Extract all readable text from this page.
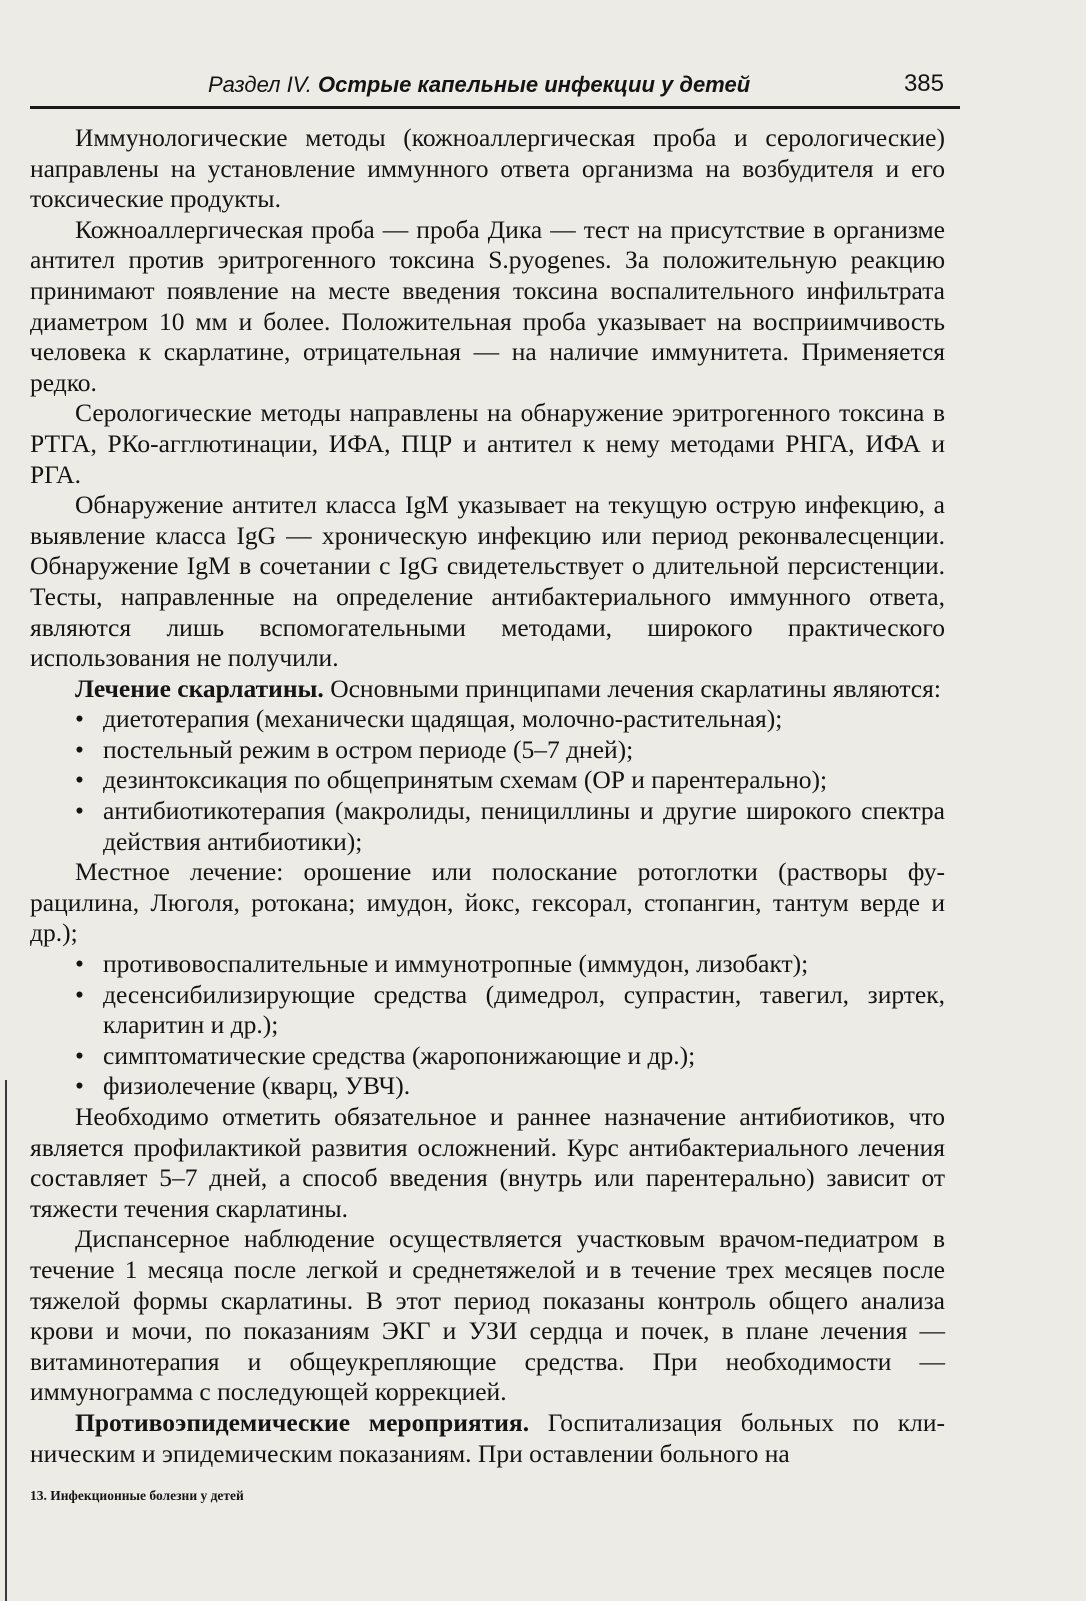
Раздел IV. Острые капельные инфекции у детей	385

Иммунологические методы (кожноаллергическая проба и серологические) направлены на установление иммунного ответа организма на возбудителя и его токсические продукты.

Кожноаллергическая проба — проба Дика — тест на присутствие в организме антител против эритрогенного токсина S.pyogenes. За положительную реакцию принимают появление на месте введения токсина воспалительного инфильтрата диаметром 10 мм и более. Положительная проба указывает на восприимчивость человека к скарлатине, отрицательная — на наличие иммунитета. Применяется редко.

Серологические методы направлены на обнаружение эритрогенного токсина в РТГА, РКо-агглютинации, ИФА, ПЦР и антител к нему методами РНГА, ИФА и РГА.

Обнаружение антител класса IgM указывает на текущую острую инфекцию, а выявление класса IgG — хроническую инфекцию или период реконвалесценции. Обнаружение IgM в сочетании с IgG свидетельствует о длительной персистенции. Тесты, направленные на определение антибактериального иммунного ответа, являются лишь вспомогательными методами, широкого практического использования не получили.

Лечение скарлатины. Основными принципами лечения скарлатины являются:

• диетотерапия (механически щадящая, молочно-растительная);
• постельный режим в остром периоде (5–7 дней);
• дезинтоксикация по общепринятым схемам (ОР и парентерально);
• антибиотикотерапия (макролиды, пенициллины и другие широкого спектра действия антибиотики);

Местное лечение: орошение или полоскание ротоглотки (растворы фурацилина, Люголя, ротокана; имудон, йокс, гексорал, стопангин, тантум верде и др.);

• противовоспалительные и иммунотропные (иммудон, лизобакт);
• десенсибилизирующие средства (димедрол, супрастин, тавегил, зиртек, кларитин и др.);
• симптоматические средства (жаропонижающие и др.);
• физиолечение (кварц, УВЧ).

Необходимо отметить обязательное и раннее назначение антибиотиков, что является профилактикой развития осложнений. Курс антибактериального лечения составляет 5–7 дней, а способ введения (внутрь или парентерально) зависит от тяжести течения скарлатины.

Диспансерное наблюдение осуществляется участковым врачом-педиатром в течение 1 месяца после легкой и среднетяжелой и в течение трех месяцев после тяжелой формы скарлатины. В этот период показаны контроль общего анализа крови и мочи, по показаниям ЭКГ и УЗИ сердца и почек, в плане лечения — витаминотерапия и общеукрепляющие средства. При необходимости — иммунограмма с последующей коррекцией.

Противоэпидемические мероприятия. Госпитализация больных по клиническим и эпидемическим показаниям. При оставлении больного на

13. Инфекционные болезни у детей
